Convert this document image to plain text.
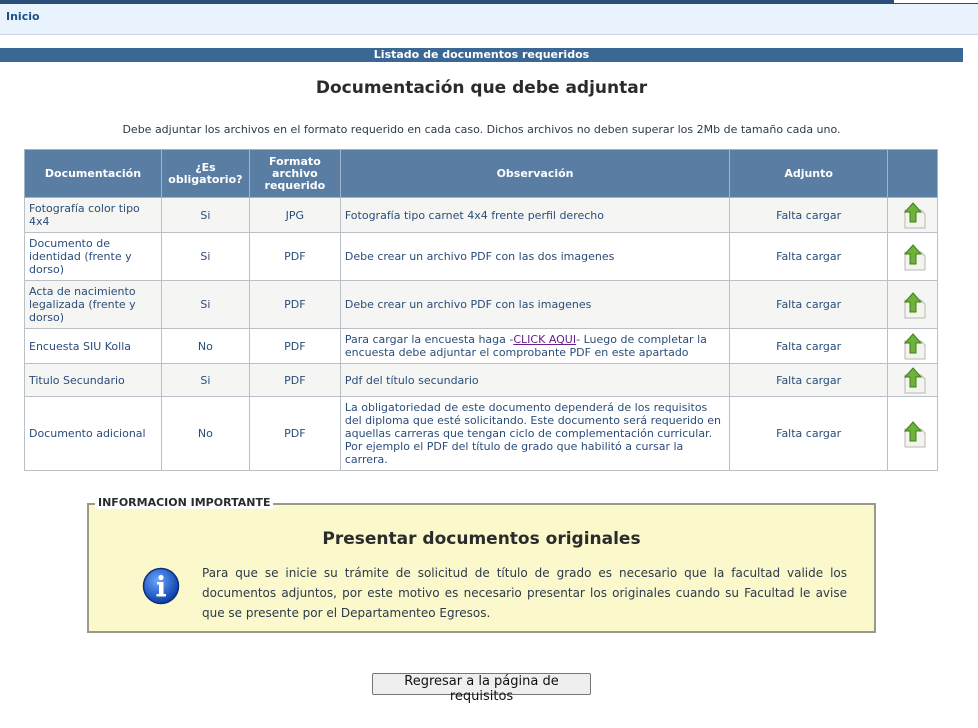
Inicio
Listado de documentos requeridos
Documentación que debe adjuntar
Debe adjuntar los archivos en el formato requerido en cada caso. Dichos archivos no deben superar los 2Mb de tamaño cada uno.
Documentación	¿Es obligatorio?	Formato archivo requerido	Observación	Adjunto	
Fotografía color tipo 4x4	Si	JPG	Fotografía tipo carnet 4x4 frente perfil derecho	Falta cargar	
Documento de identidad (frente y dorso)	Si	PDF	Debe crear un archivo PDF con las dos imagenes	Falta cargar	
Acta de nacimiento legalizada (frente y dorso)	Si	PDF	Debe crear un archivo PDF con las imagenes	Falta cargar	
Encuesta SIU Kolla	No	PDF	Para cargar la encuesta haga -CLICK AQUI- Luego de completar la encuesta debe adjuntar el comprobante PDF en este apartado	Falta cargar	
Titulo Secundario	Si	PDF	Pdf del título secundario	Falta cargar	
Documento adicional	No	PDF	La obligatoriedad de este documento dependerá de los requisitos del diploma que esté solicitando. Este documento será requerido en aquellas carreras que tengan ciclo de complementación curricular. Por ejemplo el PDF del título de grado que habilitó a cursar la carrera.	Falta cargar	
INFORMACION IMPORTANTE
Presentar documentos originales
Para que se inicie su trámite de solicitud de título de grado es necesario que la facultad valide los documentos adjuntos, por este motivo es necesario presentar los originales cuando su Facultad le avise que se presente por el Departamenteo Egresos.
Regresar a la página de requisitos
